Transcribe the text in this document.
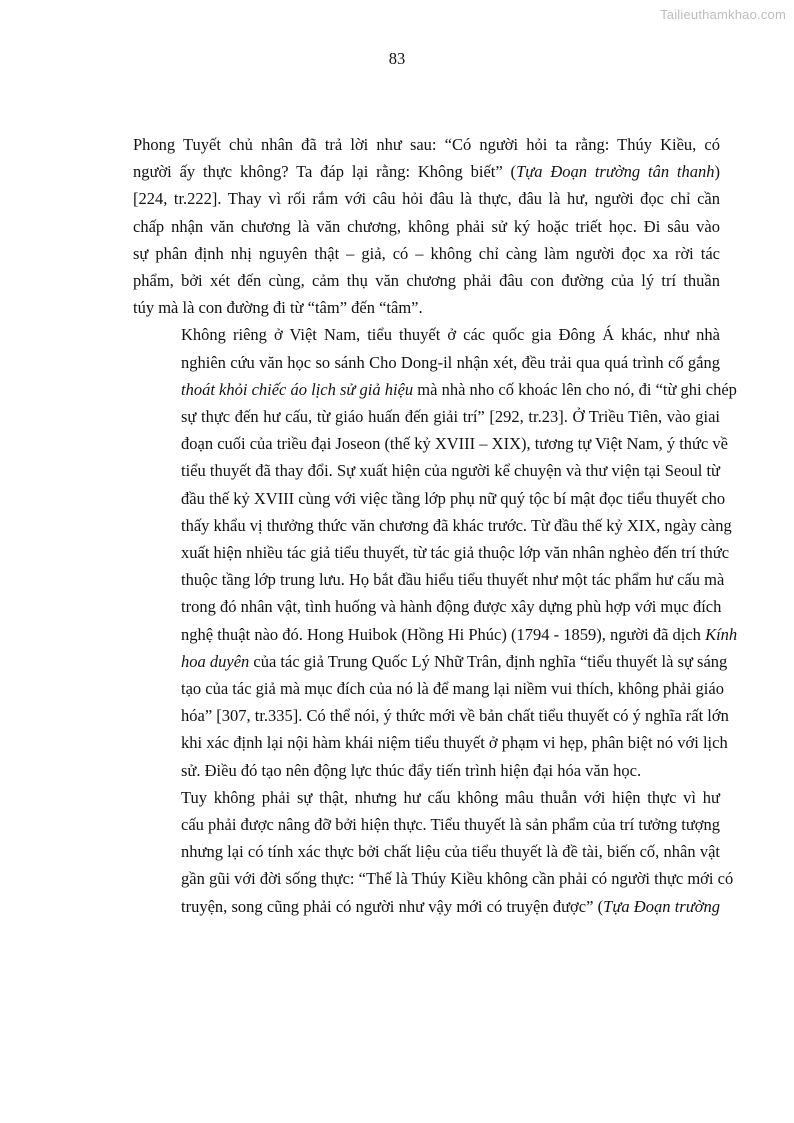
Tailieuthamkhao.com
83
Phong Tuyết chủ nhân đã trả lời như sau: “Có người hỏi ta rằng: Thúy Kiều, có
người ấy thực không? Ta đáp lại rằng: Không biết” (Tựa Đoạn trường tân thanh)
[224, tr.222]. Thay vì rối rắm với câu hỏi đâu là thực, đâu là hư, người đọc chỉ cần
chấp nhận văn chương là văn chương, không phải sử ký hoặc triết học. Đi sâu vào
sự phân định nhị nguyên thật – giả, có – không chỉ càng làm người đọc xa rời tác
phẩm, bởi xét đến cùng, cảm thụ văn chương phải đâu con đường của lý trí thuần
túy mà là con đường đi từ “tâm” đến “tâm”.
Không riêng ở Việt Nam, tiểu thuyết ở các quốc gia Đông Á khác, như nhà
nghiên cứu văn học so sánh Cho Dong-il nhận xét, đều trải qua quá trình cố gắng
thoát khỏi chiếc áo lịch sử giả hiệu mà nhà nho cố khoác lên cho nó, đi “từ ghi chép
sự thực đến hư cấu, từ giáo huấn đến giải trí” [292, tr.23]. Ở Triều Tiên, vào giai
đoạn cuối của triều đại Joseon (thế kỷ XVIII – XIX), tương tự Việt Nam, ý thức về
tiểu thuyết đã thay đổi. Sự xuất hiện của người kể chuyện và thư viện tại Seoul từ
đầu thế kỷ XVIII cùng với việc tầng lớp phụ nữ quý tộc bí mật đọc tiểu thuyết cho
thấy khẩu vị thưởng thức văn chương đã khác trước. Từ đầu thế kỷ XIX, ngày càng
xuất hiện nhiều tác giả tiểu thuyết, từ tác giả thuộc lớp văn nhân nghèo đến trí thức
thuộc tầng lớp trung lưu. Họ bắt đầu hiểu tiểu thuyết như một tác phẩm hư cấu mà
trong đó nhân vật, tình huống và hành động được xây dựng phù hợp với mục đích
nghệ thuật nào đó. Hong Huibok (Hồng Hi Phúc) (1794 - 1859), người đã dịch Kính
hoa duyên của tác giả Trung Quốc Lý Nhữ Trân, định nghĩa “tiểu thuyết là sự sáng
tạo của tác giả mà mục đích của nó là để mang lại niềm vui thích, không phải giáo
hóa” [307, tr.335]. Có thể nói, ý thức mới về bản chất tiểu thuyết có ý nghĩa rất lớn
khi xác định lại nội hàm khái niệm tiểu thuyết ở phạm vi hẹp, phân biệt nó với lịch
sử. Điều đó tạo nên động lực thúc đẩy tiến trình hiện đại hóa văn học.
Tuy không phải sự thật, nhưng hư cấu không mâu thuẫn với hiện thực vì hư
cấu phải được nâng đỡ bởi hiện thực. Tiểu thuyết là sản phẩm của trí tưởng tượng
nhưng lại có tính xác thực bởi chất liệu của tiểu thuyết là đề tài, biến cố, nhân vật
gần gũi với đời sống thực: “Thế là Thúy Kiều không cần phải có người thực mới có
truyện, song cũng phải có người như vậy mới có truyện được” (Tựa Đoạn trường
